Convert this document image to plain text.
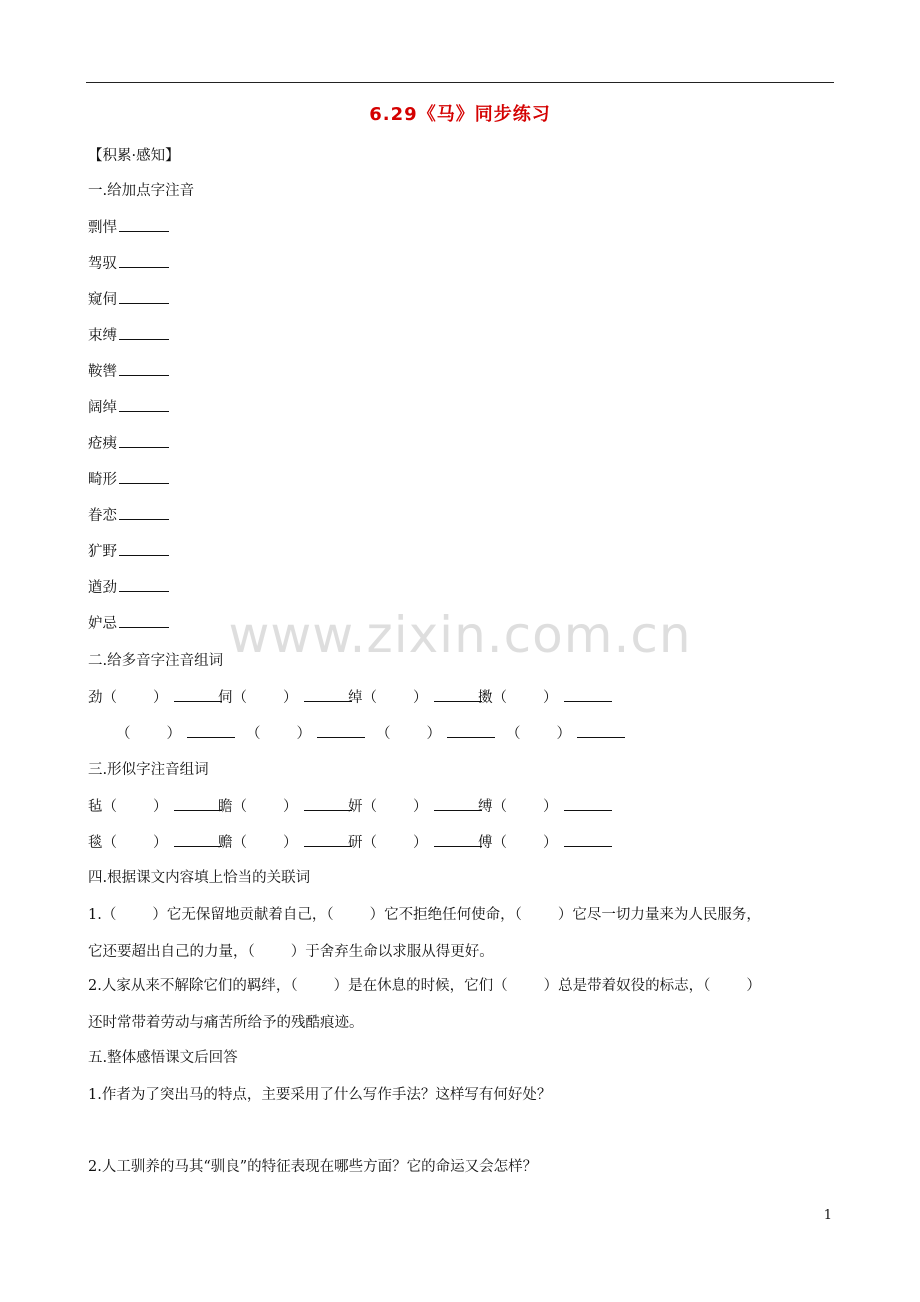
6.29《马》同步练习
【积累·感知】
一.给加点字注音
剽悍
驾驭
窥伺
束缚
鞍辔
阔绰
疮痍
畸形
眷恋
犷野
遒劲
妒忌	www.zixin.com.cn
二.给多音字注音组词
劲（ ）	伺（ ）	绰（ ）	擞（ ）
（ ）	（ ）	（ ）	（ ）
三.形似字注音组词
毡（ ）	瞻（ ）	妍（ ）	缚（ ）
毯（ ）	赡（ ）	研（ ）	傅（ ）
四.根据课文内容填上恰当的关联词
1.（ ）它无保留地贡献着自己，（ ）它不拒绝任何使命，（ ）它尽一切力量来为人民服务，
它还要超出自己的力量，（ ）于舍弃生命以求服从得更好。
2.人家从来不解除它们的羁绊，（ ）是在休息的时候，它们（ ）总是带着奴役的标志，（ ）
还时常带着劳动与痛苦所给予的残酷痕迹。
五.整体感悟课文后回答
1.作者为了突出马的特点，主要采用了什么写作手法？这样写有何好处？
2.人工驯养的马其“驯良”的特征表现在哪些方面？它的命运又会怎样？
1
